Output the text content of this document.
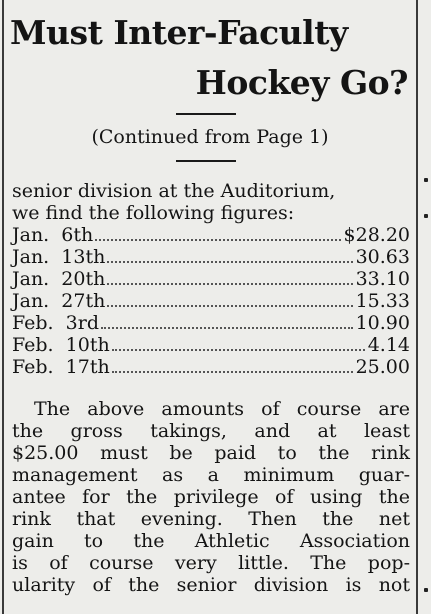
Must Inter-Faculty
Hockey Go?
(Continued from Page 1)
senior division at the Auditorium,
we find the following figures:
Jan.  6th	$28.20
Jan.  13th	30.63
Jan.  20th	33.10
Jan.  27th	15.33
Feb.  3rd	10.90
Feb.  10th	4.14
Feb.  17th	25.00
The above amounts of course are
the gross takings, and at least
$25.00 must be paid to the rink
management as a minimum guar-
antee for the privilege of using the
rink that evening. Then the net
gain to the Athletic Association
is of course very little. The pop-
ularity of the senior division is not
